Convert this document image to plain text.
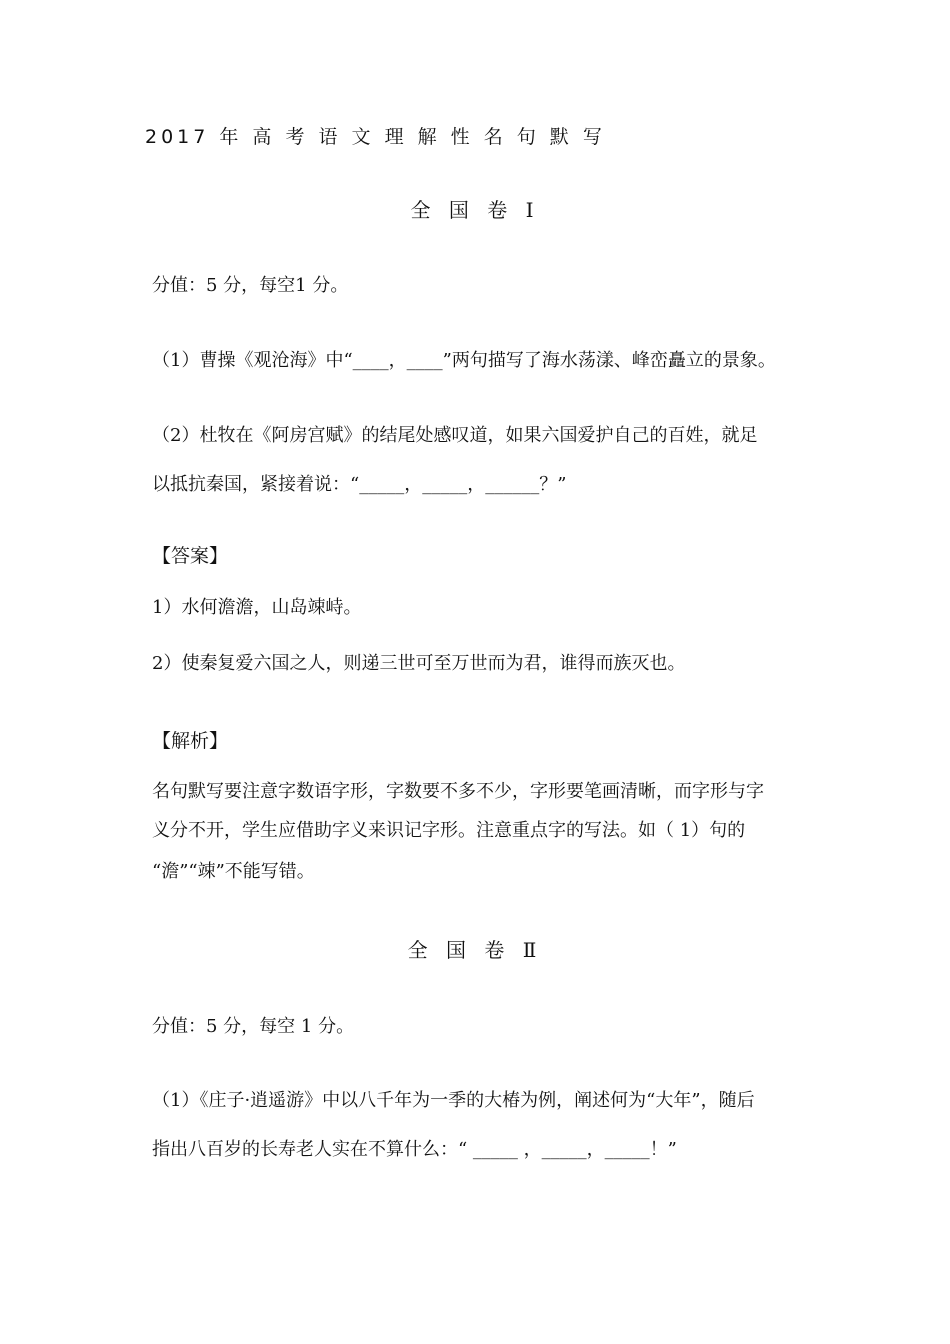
2017 年 高 考 语 文 理 解 性 名 句 默 写
全 国 卷 Ⅰ
分值：5 分，每空1 分。
（1）曹操《观沧海》中“____，____”两句描写了海水荡漾、峰峦矗立的景象。
（2）杜牧在《阿房宫赋》的结尾处感叹道，如果六国爱护自己的百姓，就足
以抵抗秦国，紧接着说：“_____，_____，______？”
【答案】
1）水何澹澹，山岛竦峙。
2）使秦复爱六国之人，则递三世可至万世而为君，谁得而族灭也。
【解析】
名句默写要注意字数语字形，字数要不多不少，字形要笔画清晰，而字形与字
义分不开，学生应借助字义来识记字形。注意重点字的写法。如（ 1）句的
“澹”“竦”不能写错。
全 国 卷 Ⅱ
分值：5 分，每空 1 分。
（1）《庄子·逍遥游》中以八千年为一季的大椿为例，阐述何为“大年”，随后
指出八百岁的长寿老人实在不算什么：“ _____ ，_____，_____！”
